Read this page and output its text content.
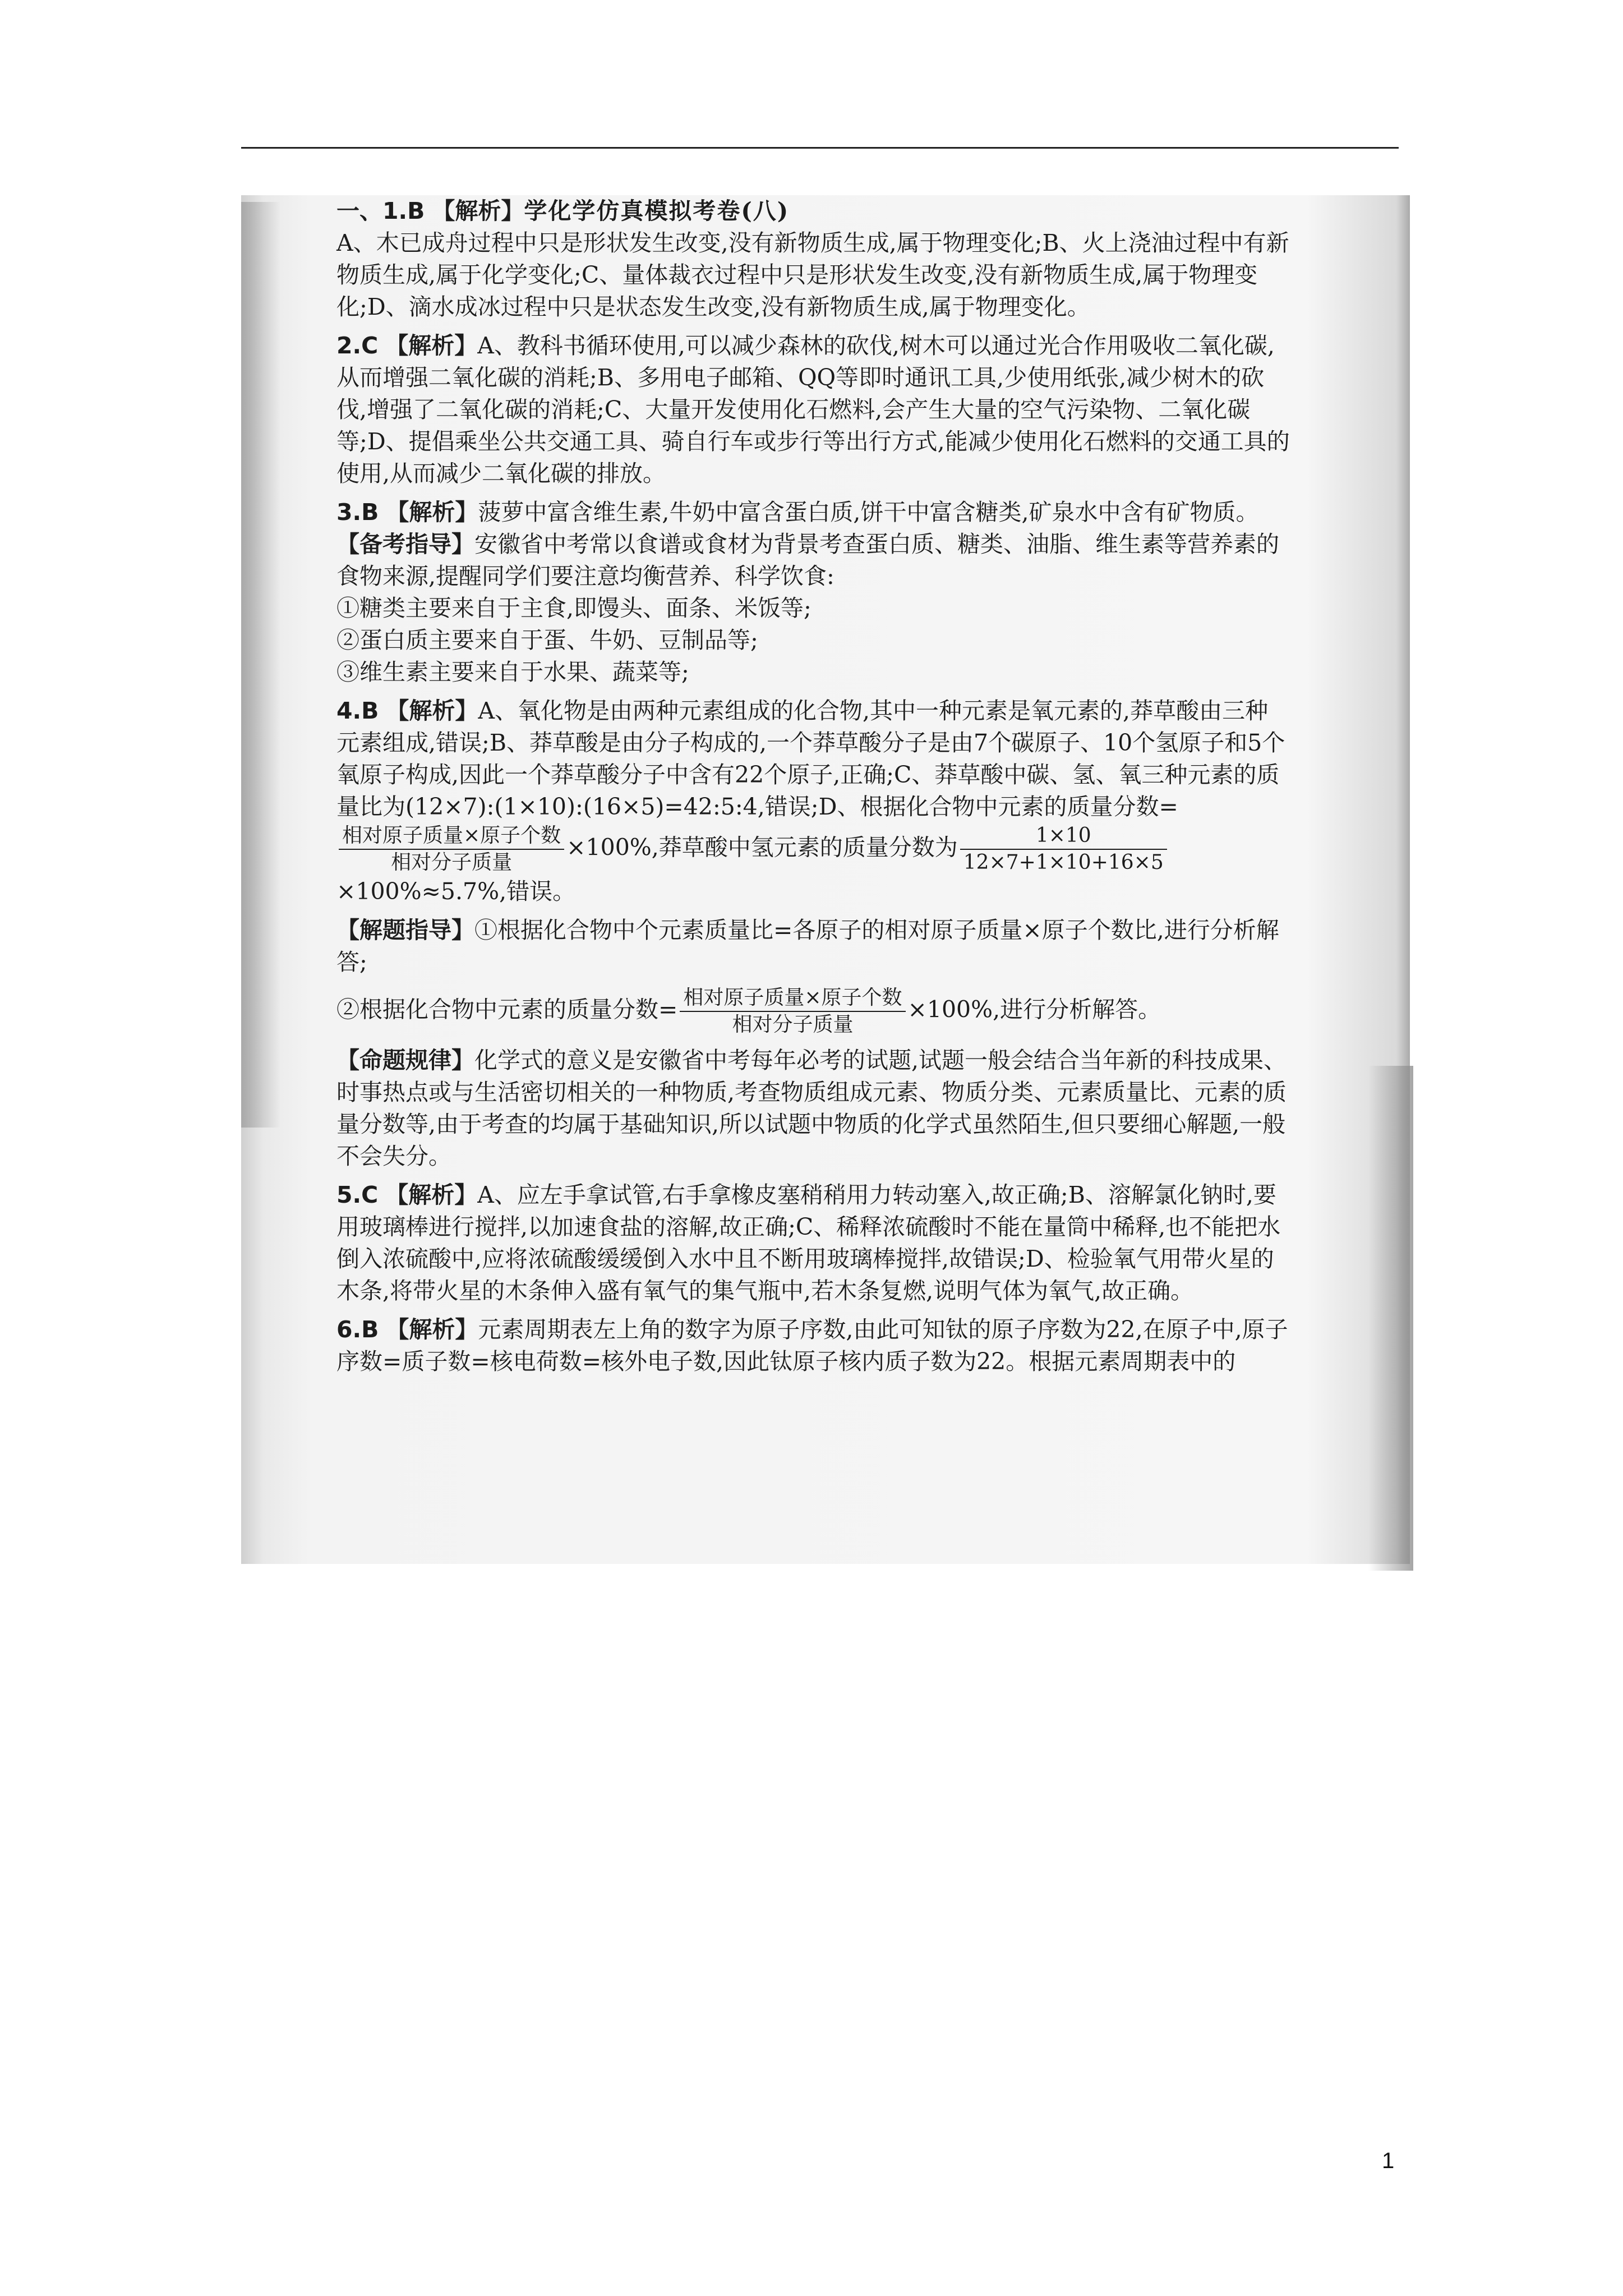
一、1.B 【解析】学化学仿真模拟考卷(八)
A、木已成舟过程中只是形状发生改变,没有新物质生成,属于物理变化;B、火上浇油过程中有新物质生成,属于化学变化;C、量体裁衣过程中只是形状发生改变,没有新物质生成,属于物理变化;D、滴水成冰过程中只是状态发生改变,没有新物质生成,属于物理变化。

2.C 【解析】A、教科书循环使用,可以减少森林的砍伐,树木可以通过光合作用吸收二氧化碳,从而增强二氧化碳的消耗;B、多用电子邮箱、QQ等即时通讯工具,少使用纸张,减少树木的砍伐,增强了二氧化碳的消耗;C、大量开发使用化石燃料,会产生大量的空气污染物、二氧化碳等;D、提倡乘坐公共交通工具、骑自行车或步行等出行方式,能减少使用化石燃料的交通工具的使用,从而减少二氧化碳的排放。

3.B 【解析】菠萝中富含维生素,牛奶中富含蛋白质,饼干中富含糖类,矿泉水中含有矿物质。

【备考指导】安徽省中考常以食谱或食材为背景考查蛋白质、糖类、油脂、维生素等营养素的食物来源,提醒同学们要注意均衡营养、科学饮食:

①糖类主要来自于主食,即馒头、面条、米饭等;

②蛋白质主要来自于蛋、牛奶、豆制品等;

③维生素主要来自于水果、蔬菜等;

4.B 【解析】A、氧化物是由两种元素组成的化合物,其中一种元素是氧元素的,莽草酸由三种元素组成,错误;B、莽草酸是由分子构成的,一个莽草酸分子是由7个碳原子、10个氢原子和5个氧原子构成,因此一个莽草酸分子中含有22个原子,正确;C、莽草酸中碳、氢、氧三种元素的质量比为(12×7):(1×10):(16×5)=42:5:4,错误;D、根据化合物中元素的质量分数=

$\frac{\text{相对原子质量×原子个数}}{\text{相对分子质量}} \times 100\%$,莽草酸中氢元素的质量分数为 $\frac{1\times 10}{12\times 7+1\times 10+16\times 5}$
×100%≈5.7%,错误。

【解题指导】①根据化合物中个元素质量比=各原子的相对原子质量×原子个数比,进行分析解答;

②根据化合物中元素的质量分数= $\frac{\text{相对原子质量×原子个数}}{\text{相对分子质量}} \times 100\%$,进行分析解答。

【命题规律】化学式的意义是安徽省中考每年必考的试题,试题一般会结合当年新的科技成果、时事热点或与生活密切相关的一种物质,考查物质组成元素、物质分类、元素质量比、元素的质量分数等,由于考查的均属于基础知识,所以试题中物质的化学式虽然陌生,但只要细心解题,一般不会失分。

5.C 【解析】A、应左手拿试管,右手拿橡皮塞稍稍用力转动塞入,故正确;B、溶解氯化钠时,要用玻璃棒进行搅拌,以加速食盐的溶解,故正确;C、稀释浓硫酸时不能在量筒中稀释,也不能把水倒入浓硫酸中,应将浓硫酸缓缓倒入水中且不断用玻璃棒搅拌,故错误;D、检验氧气用带火星的木条,将带火星的木条伸入盛有氧气的集气瓶中,若木条复燃,说明气体为氧气,故正确。

6.B 【解析】元素周期表左上角的数字为原子序数,由此可知钛的原子序数为22,在原子中,原子序数=质子数=核电荷数=核外电子数,因此钛原子核内质子数为22。根据元素周期表中的

1
